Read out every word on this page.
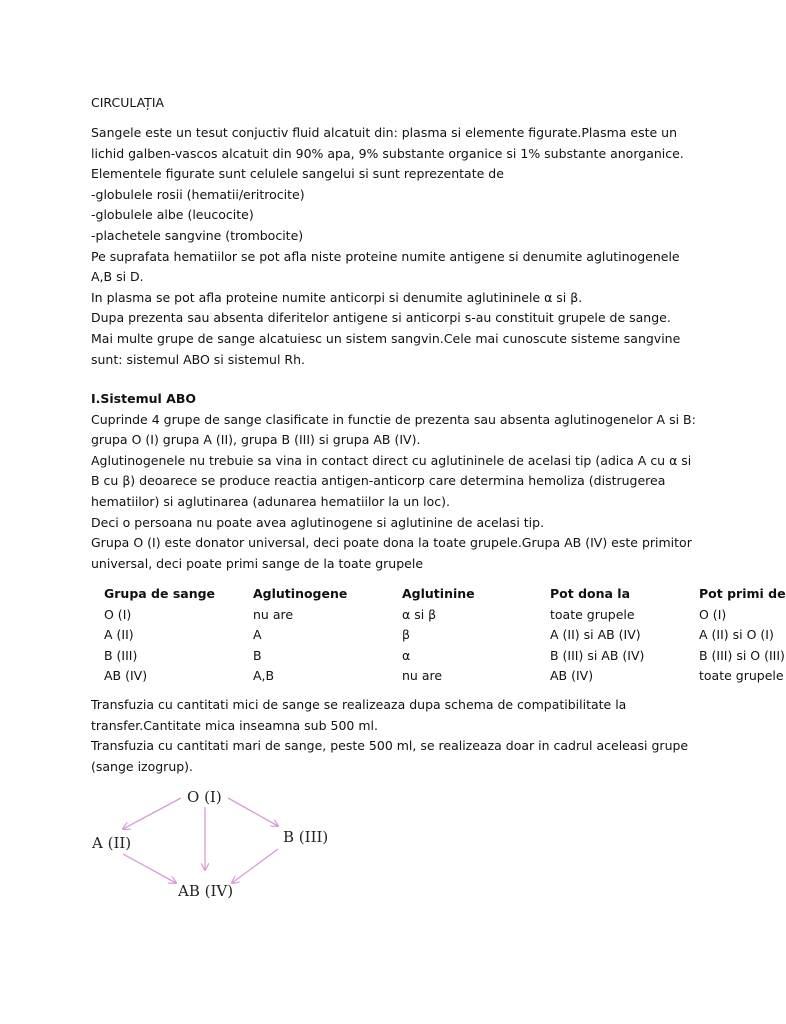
CIRCULAȚIA

Sangele este un tesut conjuctiv fluid alcatuit din: plasma si elemente figurate.Plasma este un

lichid galben-vascos alcatuit din 90% apa, 9% substante organice si 1% substante anorganice.

Elementele figurate sunt celulele sangelui si sunt reprezentate de

-globulele rosii (hematii/eritrocite)

-globulele albe (leucocite)

-plachetele sangvine (trombocite)

Pe suprafata hematiilor se pot afla niste proteine numite antigene si denumite aglutinogenele

A,B si D.

In plasma se pot afla proteine numite anticorpi si denumite aglutininele α si β.

Dupa prezenta sau absenta diferitelor antigene si anticorpi s-au constituit grupele de sange.

Mai multe grupe de sange alcatuiesc un sistem sangvin.Cele mai cunoscute sisteme sangvine

sunt: sistemul ABO si sistemul Rh.

I.Sistemul ABO

Cuprinde 4 grupe de sange clasificate in functie de prezenta sau absenta aglutinogenelor A si B:

grupa O (I) grupa A (II), grupa B (III) si grupa AB (IV).

Aglutinogenele nu trebuie sa vina in contact direct cu aglutininele de acelasi tip (adica A cu α si

B cu β) deoarece se produce reactia antigen-anticorp care determina hemoliza (distrugerea

hematiilor) si aglutinarea (adunarea hematiilor la un loc).

Deci o persoana nu poate avea aglutinogene si aglutinine de acelasi tip.

Grupa O (I) este donator universal, deci poate dona la toate grupele.Grupa AB (IV) este primitor

universal, deci poate primi sange de la toate grupele

Grupa de sange	Aglutinogene	Aglutinine	Pot dona la	Pot primi de
O (I)	nu are	α si β	toate grupele	O (I)
A (II)	A	β	A (II) si AB (IV)	A (II) si O (I)
B (III)	B	α	B (III) si AB (IV)	B (III) si O (III)
AB (IV)	A,B	nu are	AB (IV)	toate grupele

Transfuzia cu cantitati mici de sange se realizeaza dupa schema de compatibilitate la

transfer.Cantitate mica inseamna sub 500 ml.

Transfuzia cu cantitati mari de sange, peste 500 ml, se realizeaza doar in cadrul aceleasi grupe

(sange izogrup).

O (I)
A (II)	B (III)
AB (IV)
